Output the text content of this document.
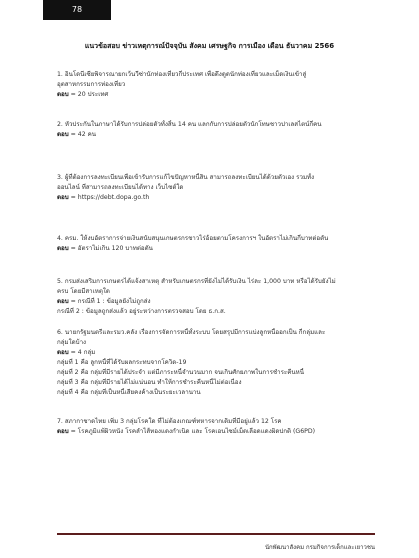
78
แนวข้อสอบ ข่าวเหตุการณ์ปัจจุบัน สังคม เศรษฐกิจ การเมือง เดือน ธันวาคม 2566
1. อินโดนีเซียพิจารณายกเว้นวีซ่านักท่องเที่ยวกี่ประเทศ เพื่อดึงดูดนักท่องเที่ยวและเม็ดเงินเข้าสู่
อุตสาหกรรมการท่องเที่ยว
ตอบ = 20 ประเทศ
2. หัวประกันในภาษาได้รับการปล่อยตัวทั้งสิ้น 14 คน แลกกับการปล่อยตัวนักโทษชาวปาเลสไตน์กี่คน
ตอบ = 42 คน
3. ผู้ที่ต้องการลงทะเบียนเพื่อเข้ารับการแก้ไขปัญหาหนี้สิน สามารถลงทะเบียนได้ด้วยตัวเอง รวมทั้ง
ออนไลน์ ที่สามารถลงทะเบียนได้ทาง เว็บไซต์ใด
ตอบ = https://debt.dopa.go.th
4. ครม. ให้งบอัตราการจ่ายเงินสนับสนุนเกษตรกรชาวไร่อ้อยตามโครงการฯ ในอัตราไม่เกินกี่บาทต่อตัน
ตอบ = อัตราไม่เกิน 120 บาทต่อตัน
5. กรมส่งเสริมการเกษตรได้แจ้งสาเหตุ สำหรับเกษตรกรที่ยังไม่ได้รับเงิน ไร่ละ 1,000 บาท หรือได้รับยังไม่
ครบ โดยมีสาเหตุใด
ตอบ = กรณีที่ 1 : ข้อมูลยังไม่ถูกส่ง
กรณีที่ 2 : ข้อมูลถูกส่งแล้ว อยู่ระหว่างการตรวจสอบ โดย ธ.ก.ส.
6. นายกรัฐมนตรีและรมว.คลัง เรื่องการจัดการหนี้ทั้งระบบ โดยสรุปมีการแบ่งลูกหนี้ออกเป็น กี่กลุ่มและ
กลุ่มใดบ้าง
ตอบ = 4 กลุ่ม
กลุ่มที่ 1 คือ ลูกหนี้ที่ได้รับผลกระทบจากโควิด-19
กลุ่มที่ 2 คือ กลุ่มที่มีรายได้ประจำ แต่มีภาระหนี้จำนวนมาก จนเกินศักยภาพในการชำระคืนหนี้
กลุ่มที่ 3 คือ กลุ่มที่มีรายได้ไม่แน่นอน ทำให้การชำระคืนหนี้ไม่ต่อเนื่อง
กลุ่มที่ 4 คือ กลุ่มที่เป็นหนี้เสียคงค้างเป็นระยะเวลานาน
7. สภากาชาดไทย เพิ่ม 3 กลุ่มโรคใด ที่ไม่ต้องเกณฑ์ทหารจากเดิมที่มีอยู่แล้ว 12 โรค
ตอบ = โรคภูมิแพ้ผิวหนัง โรคลำไส้ทองแดงกำเนิด และ โรคเอนไซม์เม็ดเลือดแดงผิดปกติ (G6PD)
นักพัฒนาสังคม กรมกิจการเด็กและเยาวชน
